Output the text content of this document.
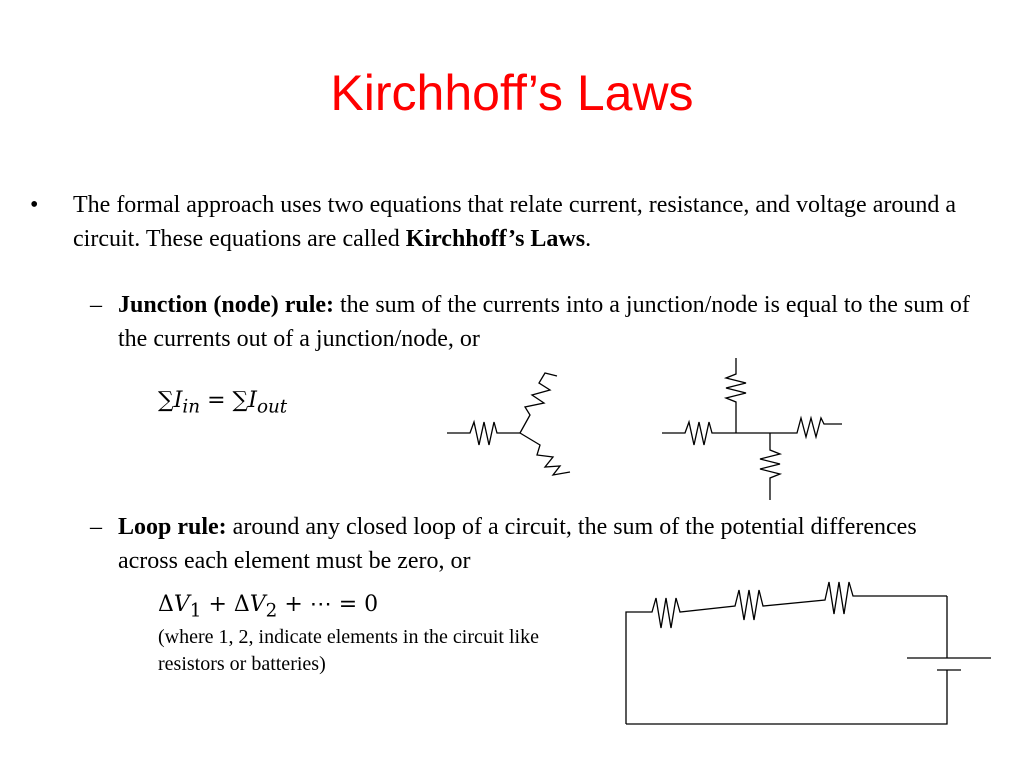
Kirchhoff’s Laws
• The formal approach uses two equations that relate current, resistance, and voltage around a circuit. These equations are called Kirchhoff’s Laws.
– Junction (node) rule: the sum of the currents into a junction/node is equal to the sum of the currents out of a junction/node, or
$\sum I_{in} = \sum I_{out}$
– Loop rule: around any closed loop of a circuit, the sum of the potential differences across each element must be zero, or
$\Delta V_1 + \Delta V_2$ + ⋯ = 0
(where 1, 2, indicate elements in the circuit like resistors or batteries)
